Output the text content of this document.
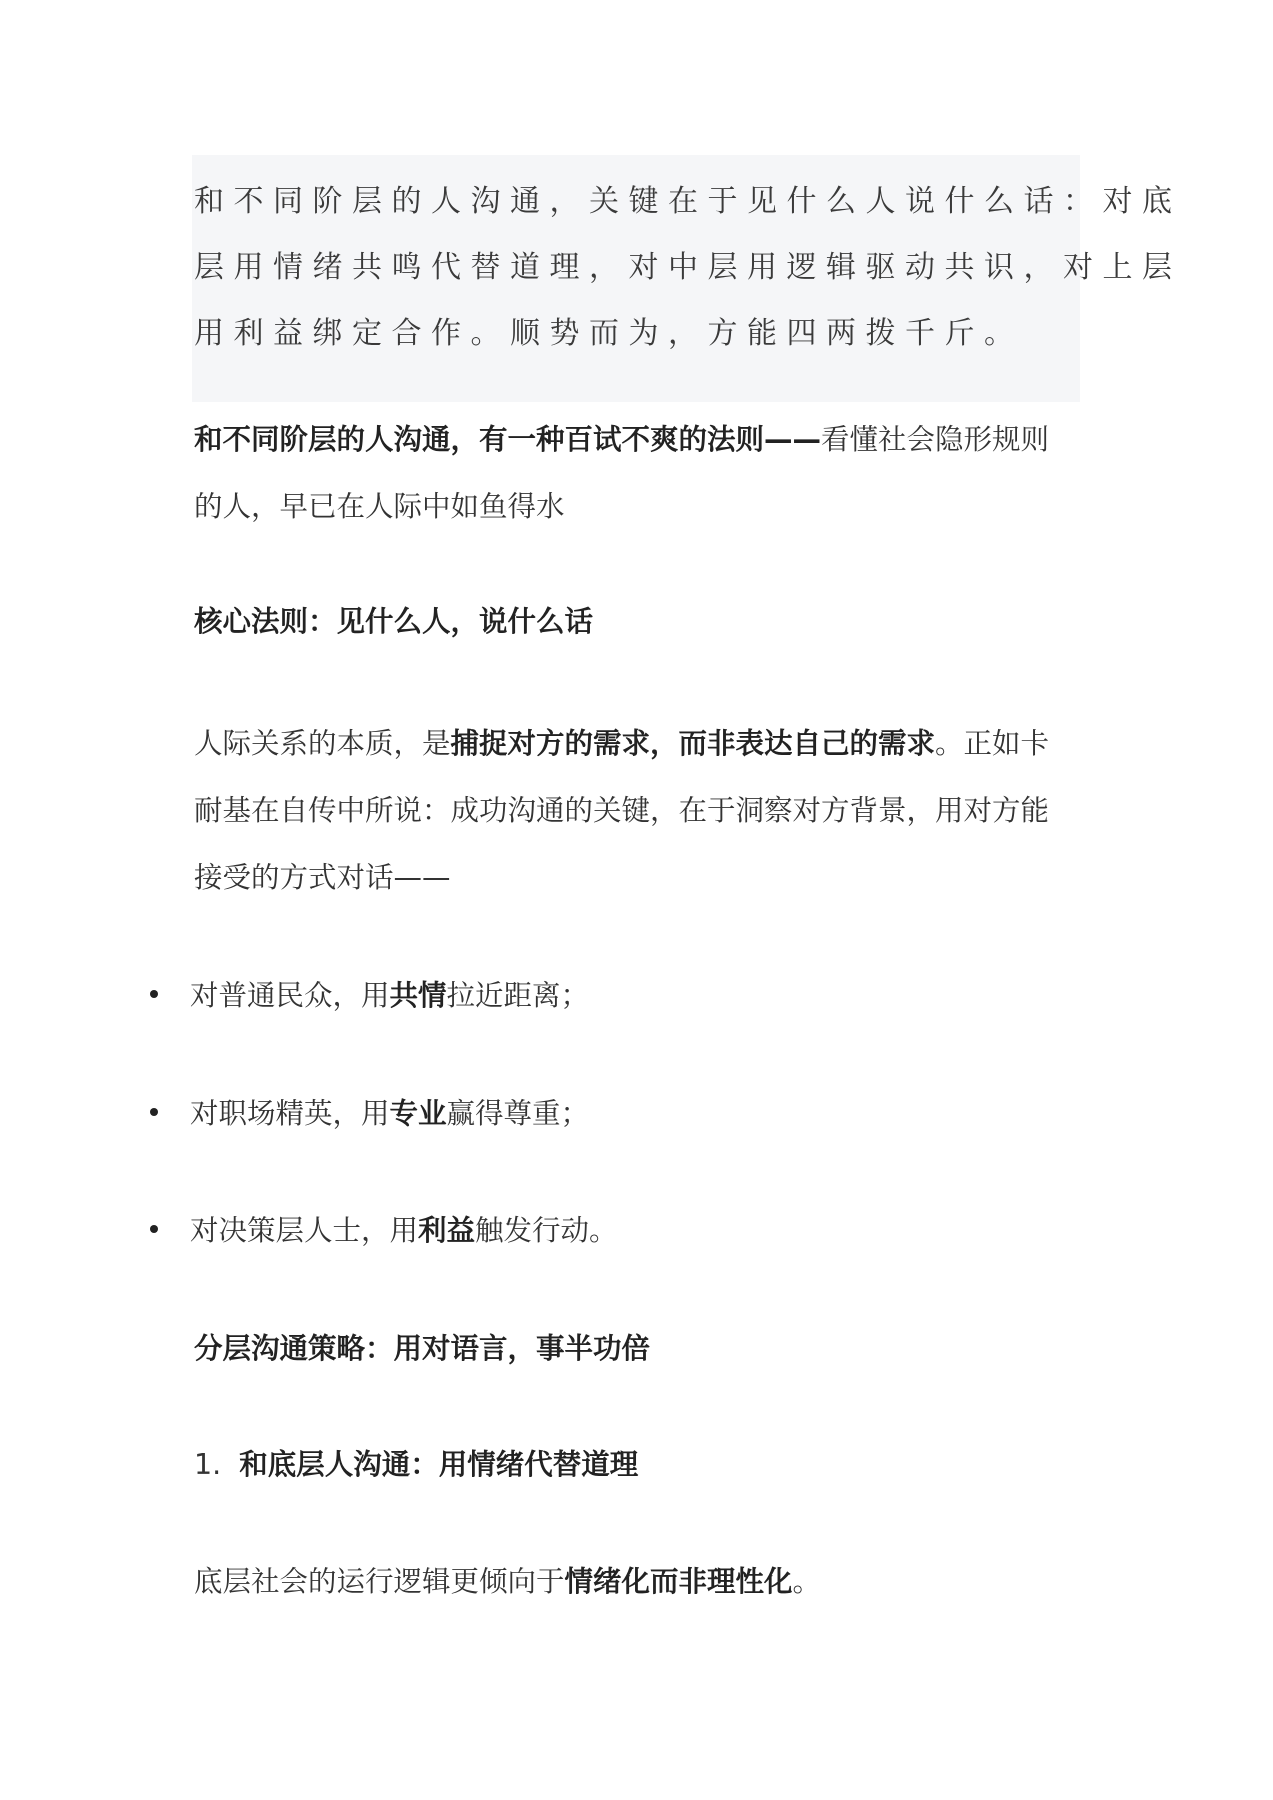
和不同阶层的人沟通，关键在于见什么人说什么话：对底
层用情绪共鸣代替道理，对中层用逻辑驱动共识，对上层
用利益绑定合作。顺势而为，方能四两拨千斤。
和不同阶层的人沟通，有一种百试不爽的法则——看懂社会隐形规则
的人，早已在人际中如鱼得水
核心法则：见什么人，说什么话
人际关系的本质，是捕捉对方的需求，而非表达自己的需求。正如卡
耐基在自传中所说：成功沟通的关键，在于洞察对方背景，用对方能
接受的方式对话——
对普通民众，用共情拉近距离；
对职场精英，用专业赢得尊重；
对决策层人士，用利益触发行动。
分层沟通策略：用对语言，事半功倍
1. 和底层人沟通：用情绪代替道理
底层社会的运行逻辑更倾向于情绪化而非理性化。
